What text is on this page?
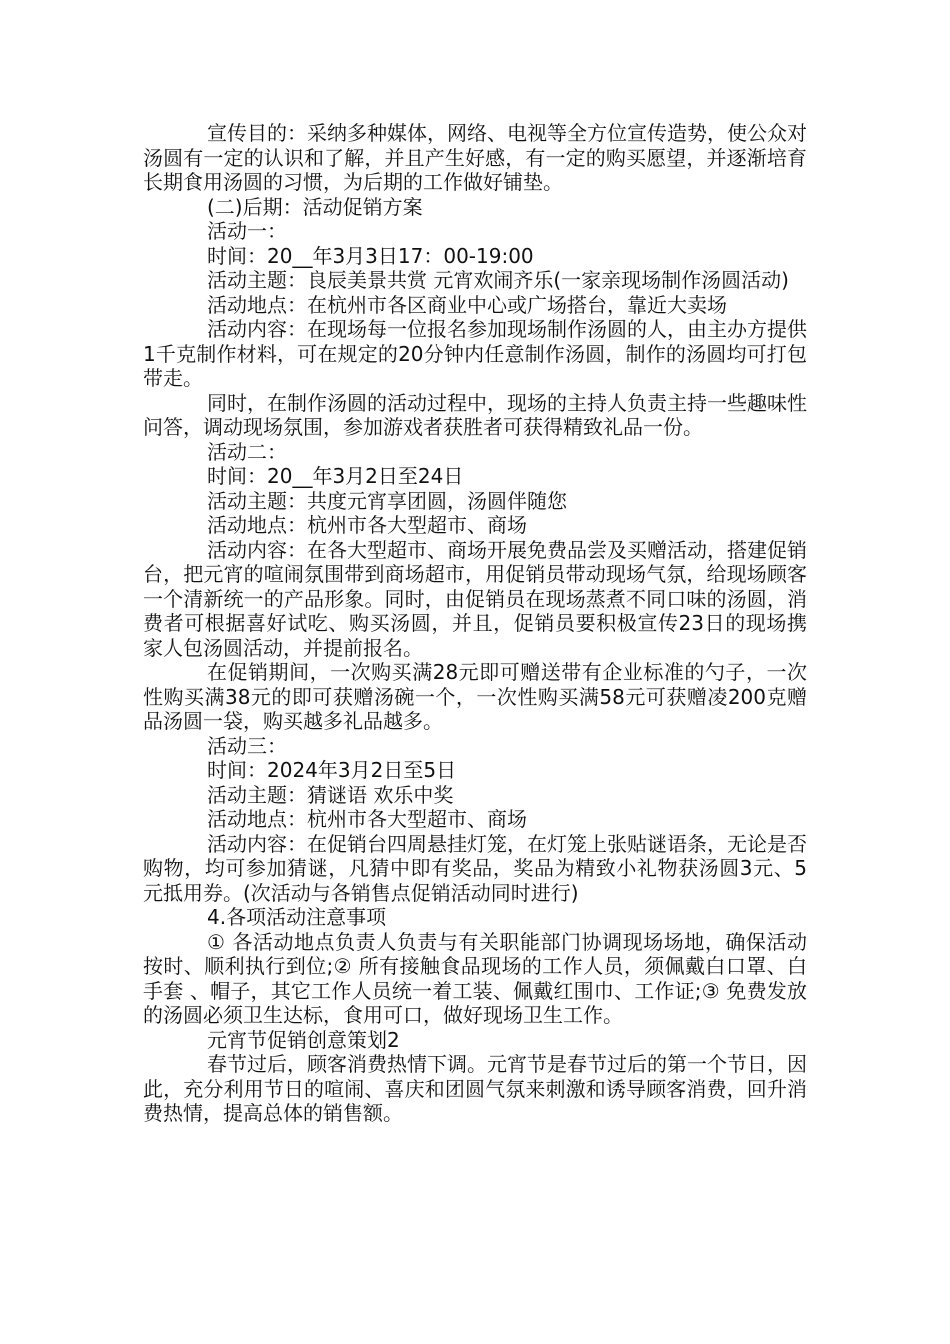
宣传目的：采纳多种媒体，网络、电视等全方位宣传造势，使公众对汤圆有一定的认识和了解，并且产生好感，有一定的购买愿望，并逐渐培育长期食用汤圆的习惯，为后期的工作做好铺垫。

(二)后期：活动促销方案

活动一：

时间：20__年3月3日17：00-19:00

活动主题：良辰美景共赏 元宵欢闹齐乐(一家亲现场制作汤圆活动)

活动地点：在杭州市各区商业中心或广场搭台，靠近大卖场

活动内容：在现场每一位报名参加现场制作汤圆的人，由主办方提供1千克制作材料，可在规定的20分钟内任意制作汤圆，制作的汤圆均可打包带走。

同时，在制作汤圆的活动过程中，现场的主持人负责主持一些趣味性问答，调动现场氛围，参加游戏者获胜者可获得精致礼品一份。

活动二：

时间：20__年3月2日至24日

活动主题：共度元宵享团圆，汤圆伴随您

活动地点：杭州市各大型超市、商场

活动内容：在各大型超市、商场开展免费品尝及买赠活动，搭建促销台，把元宵的喧闹氛围带到商场超市，用促销员带动现场气氛，给现场顾客一个清新统一的产品形象。同时，由促销员在现场蒸煮不同口味的汤圆，消费者可根据喜好试吃、购买汤圆，并且，促销员要积极宣传23日的现场携家人包汤圆活动，并提前报名。

在促销期间，一次购买满28元即可赠送带有企业标准的勺子，一次性购买满38元的即可获赠汤碗一个，一次性购买满58元可获赠凌200克赠品汤圆一袋，购买越多礼品越多。

活动三：

时间：2024年3月2日至5日

活动主题：猜谜语 欢乐中奖

活动地点：杭州市各大型超市、商场

活动内容：在促销台四周悬挂灯笼，在灯笼上张贴谜语条，无论是否购物，均可参加猜谜，凡猜中即有奖品，奖品为精致小礼物获汤圆3元、5元抵用券。(次活动与各销售点促销活动同时进行)

4.各项活动注意事项

① 各活动地点负责人负责与有关职能部门协调现场场地，确保活动按时、顺利执行到位;② 所有接触食品现场的工作人员，须佩戴白口罩、白手套 、帽子，其它工作人员统一着工装、佩戴红围巾、工作证;③ 免费发放的汤圆必须卫生达标，食用可口，做好现场卫生工作。

元宵节促销创意策划2

春节过后，顾客消费热情下调。元宵节是春节过后的第一个节日，因此，充分利用节日的喧闹、喜庆和团圆气氛来刺激和诱导顾客消费，回升消费热情，提高总体的销售额。
